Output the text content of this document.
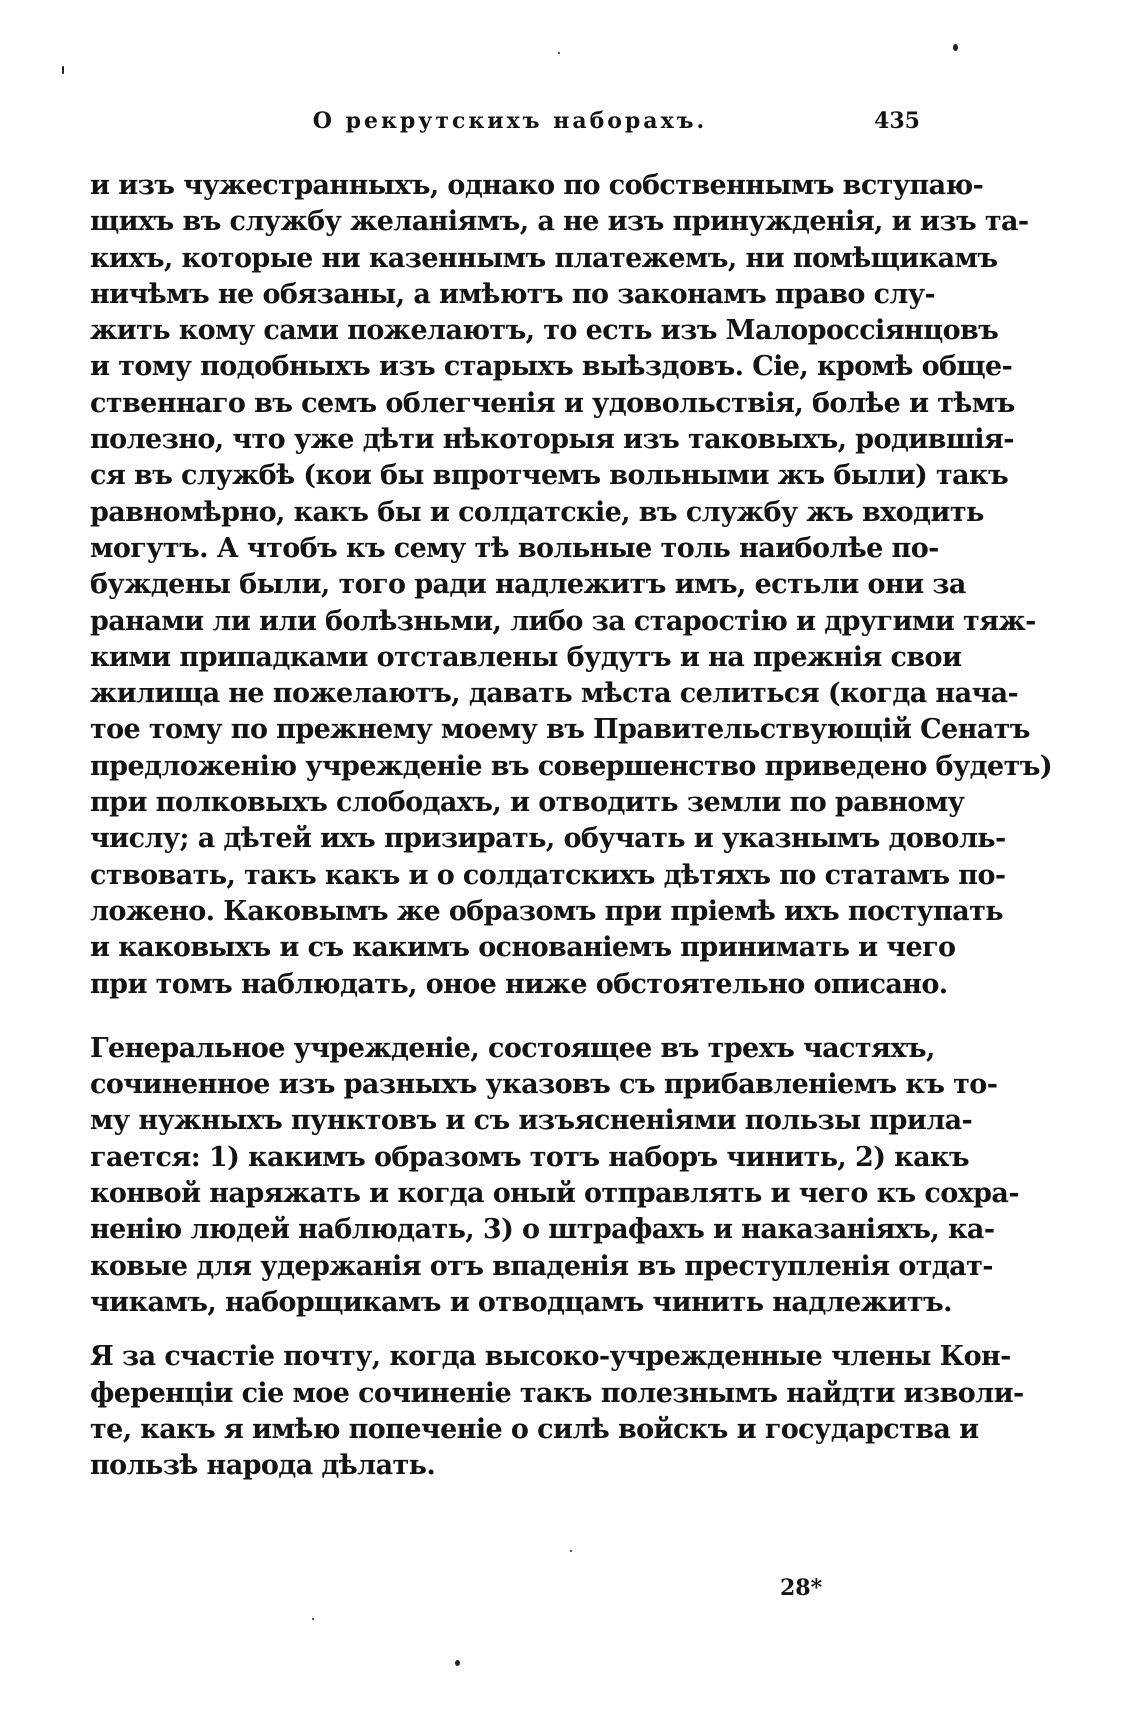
О рекрутскихъ наборахъ.	435

и изъ чужестранныхъ, однако по собственнымъ вступаю-
щихъ въ службу желаніямъ, а не изъ принужденія, и изъ та-
кихъ, которые ни казеннымъ платежемъ, ни помѣщикамъ
ничѣмъ не обязаны, а имѣютъ по законамъ право слу-
жить кому сами пожелаютъ, то есть изъ Малороссіянцовъ
и тому подобныхъ изъ старыхъ выѣздовъ. Сіе, кромѣ обще-
ственнаго въ семъ облегченія и удовольствія, болѣе и тѣмъ
полезно, что уже дѣти нѣкоторыя изъ таковыхъ, родившія-
ся въ службѣ (кои бы впротчемъ вольными жъ были) такъ
равномѣрно, какъ бы и солдатскіе, въ службу жъ входить
могутъ. А чтобъ къ сему тѣ вольные толь наиболѣе по-
буждены были, того ради надлежитъ имъ, естьли они за
ранами ли или болѣзньми, либо за старостію и другими тяж-
кими припадками отставлены будутъ и на прежнія свои
жилища не пожелаютъ, давать мѣста селиться (когда нача-
тое тому по прежнему моему въ Правительствующій Сенатъ
предложенію учрежденіе въ совершенство приведено будетъ)
при полковыхъ слободахъ, и отводить земли по равному
числу; а дѣтей ихъ призирать, обучать и указнымъ доволь-
ствовать, такъ какъ и о солдатскихъ дѣтяхъ по статамъ по-
ложено. Каковымъ же образомъ при пріемѣ ихъ поступать
и каковыхъ и съ какимъ основаніемъ принимать и чего
при томъ наблюдать, оное ниже обстоятельно описано.

Генеральное учрежденіе, состоящее въ трехъ частяхъ,
сочиненное изъ разныхъ указовъ съ прибавленіемъ къ то-
му нужныхъ пунктовъ и съ изъясненіями пользы прила-
гается: 1) какимъ образомъ тотъ наборъ чинить, 2) какъ
конвой наряжать и когда оный отправлять и чего къ сохра-
ненію людей наблюдать, 3) о штрафахъ и наказаніяхъ, ка-
ковые для удержанія отъ впаденія въ преступленія отдат-
чикамъ, наборщикамъ и отводцамъ чинить надлежитъ.

Я за счастіе почту, когда высоко-учрежденные члены Кон-
ференціи сіе мое сочиненіе такъ полезнымъ найдти изволи-
те, какъ я имѣю попеченіе о силѣ войскъ и государства и
пользѣ народа дѣлать.

28*
